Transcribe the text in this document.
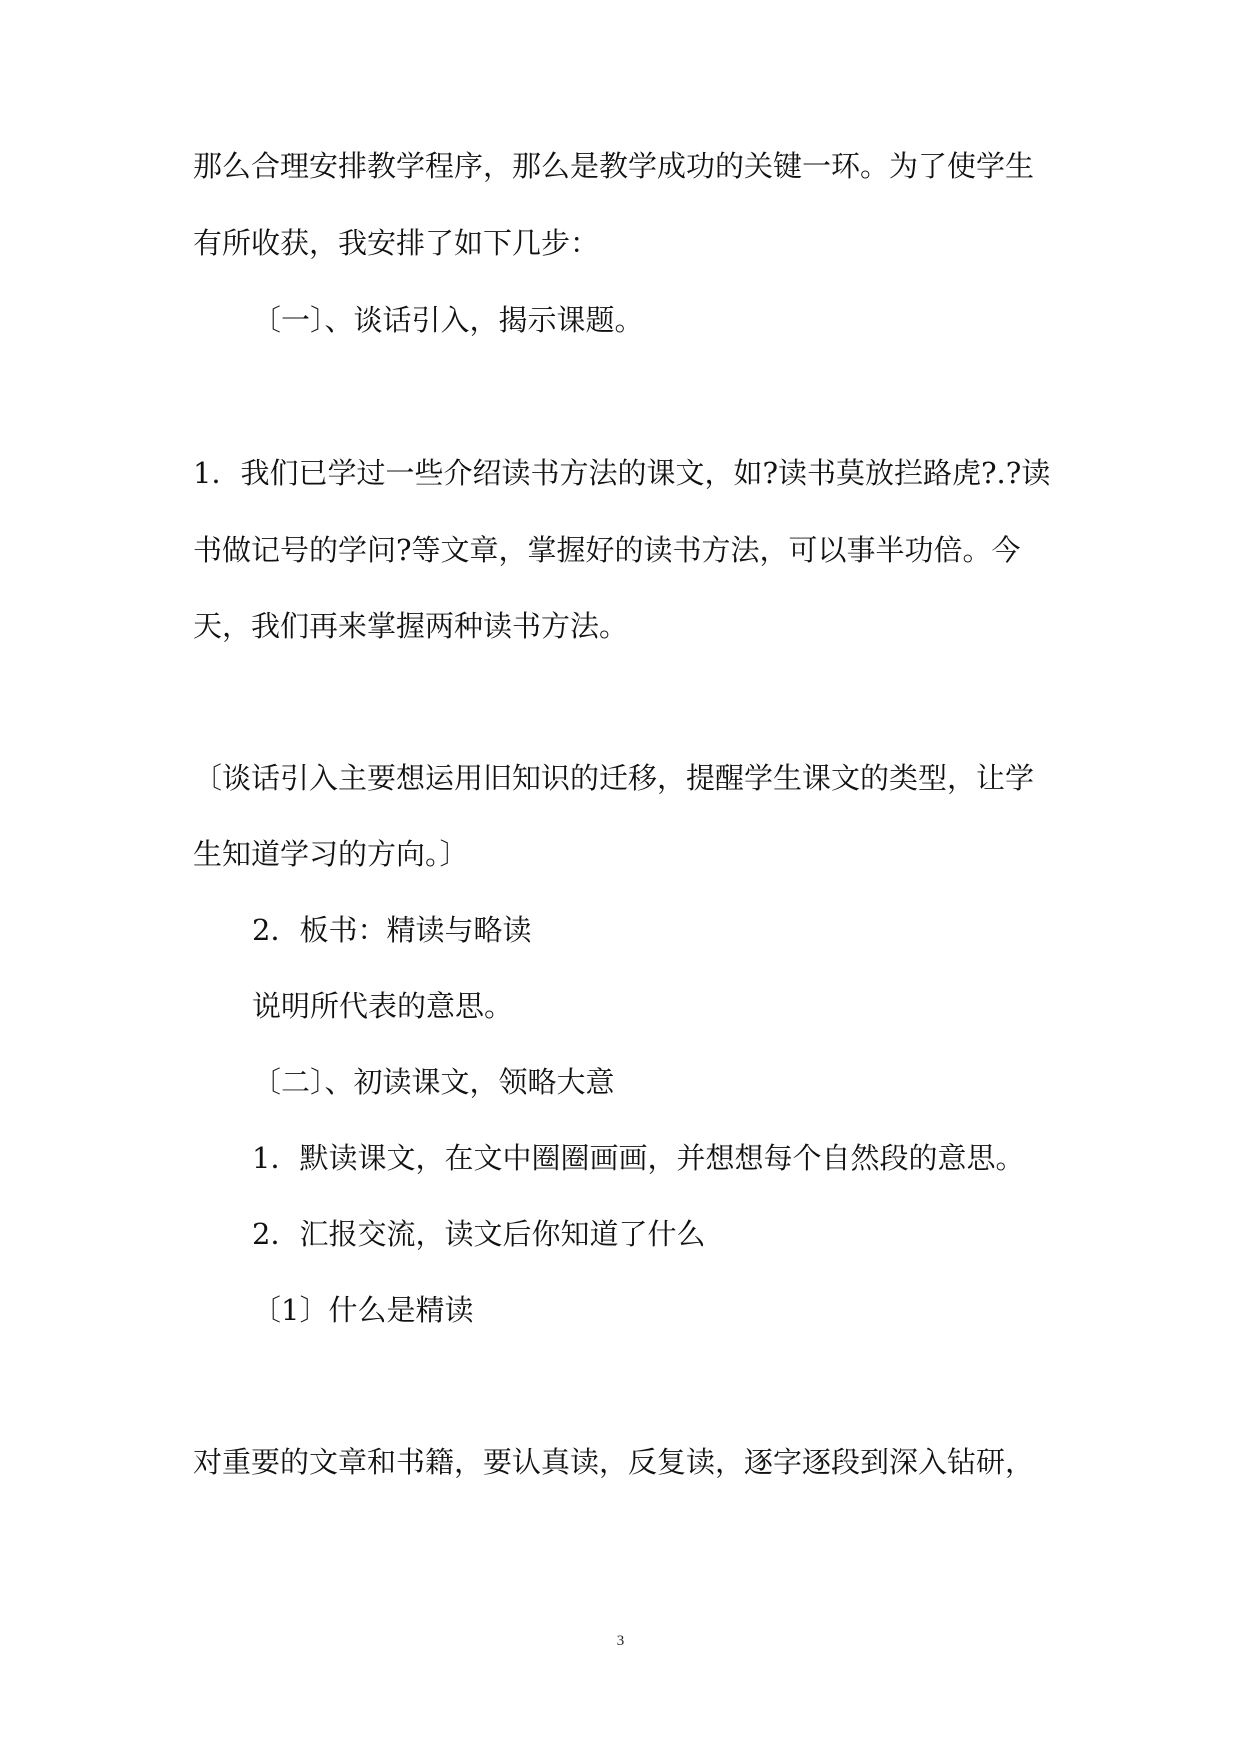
那么合理安排教学程序，那么是教学成功的关键一环。为了使学生
有所收获，我安排了如下几步：
〔一〕、谈话引入，揭示课题。
1．我们已学过一些介绍读书方法的课文，如?读书莫放拦路虎?.?读
书做记号的学问?等文章，掌握好的读书方法，可以事半功倍。今
天，我们再来掌握两种读书方法。
〔谈话引入主要想运用旧知识的迁移，提醒学生课文的类型，让学
生知道学习的方向。〕
2．板书：精读与略读
说明所代表的意思。
〔二〕、初读课文，领略大意
1．默读课文，在文中圈圈画画，并想想每个自然段的意思。
2．汇报交流，读文后你知道了什么
〔1〕什么是精读
对重要的文章和书籍，要认真读，反复读，逐字逐段到深入钻研，
3
